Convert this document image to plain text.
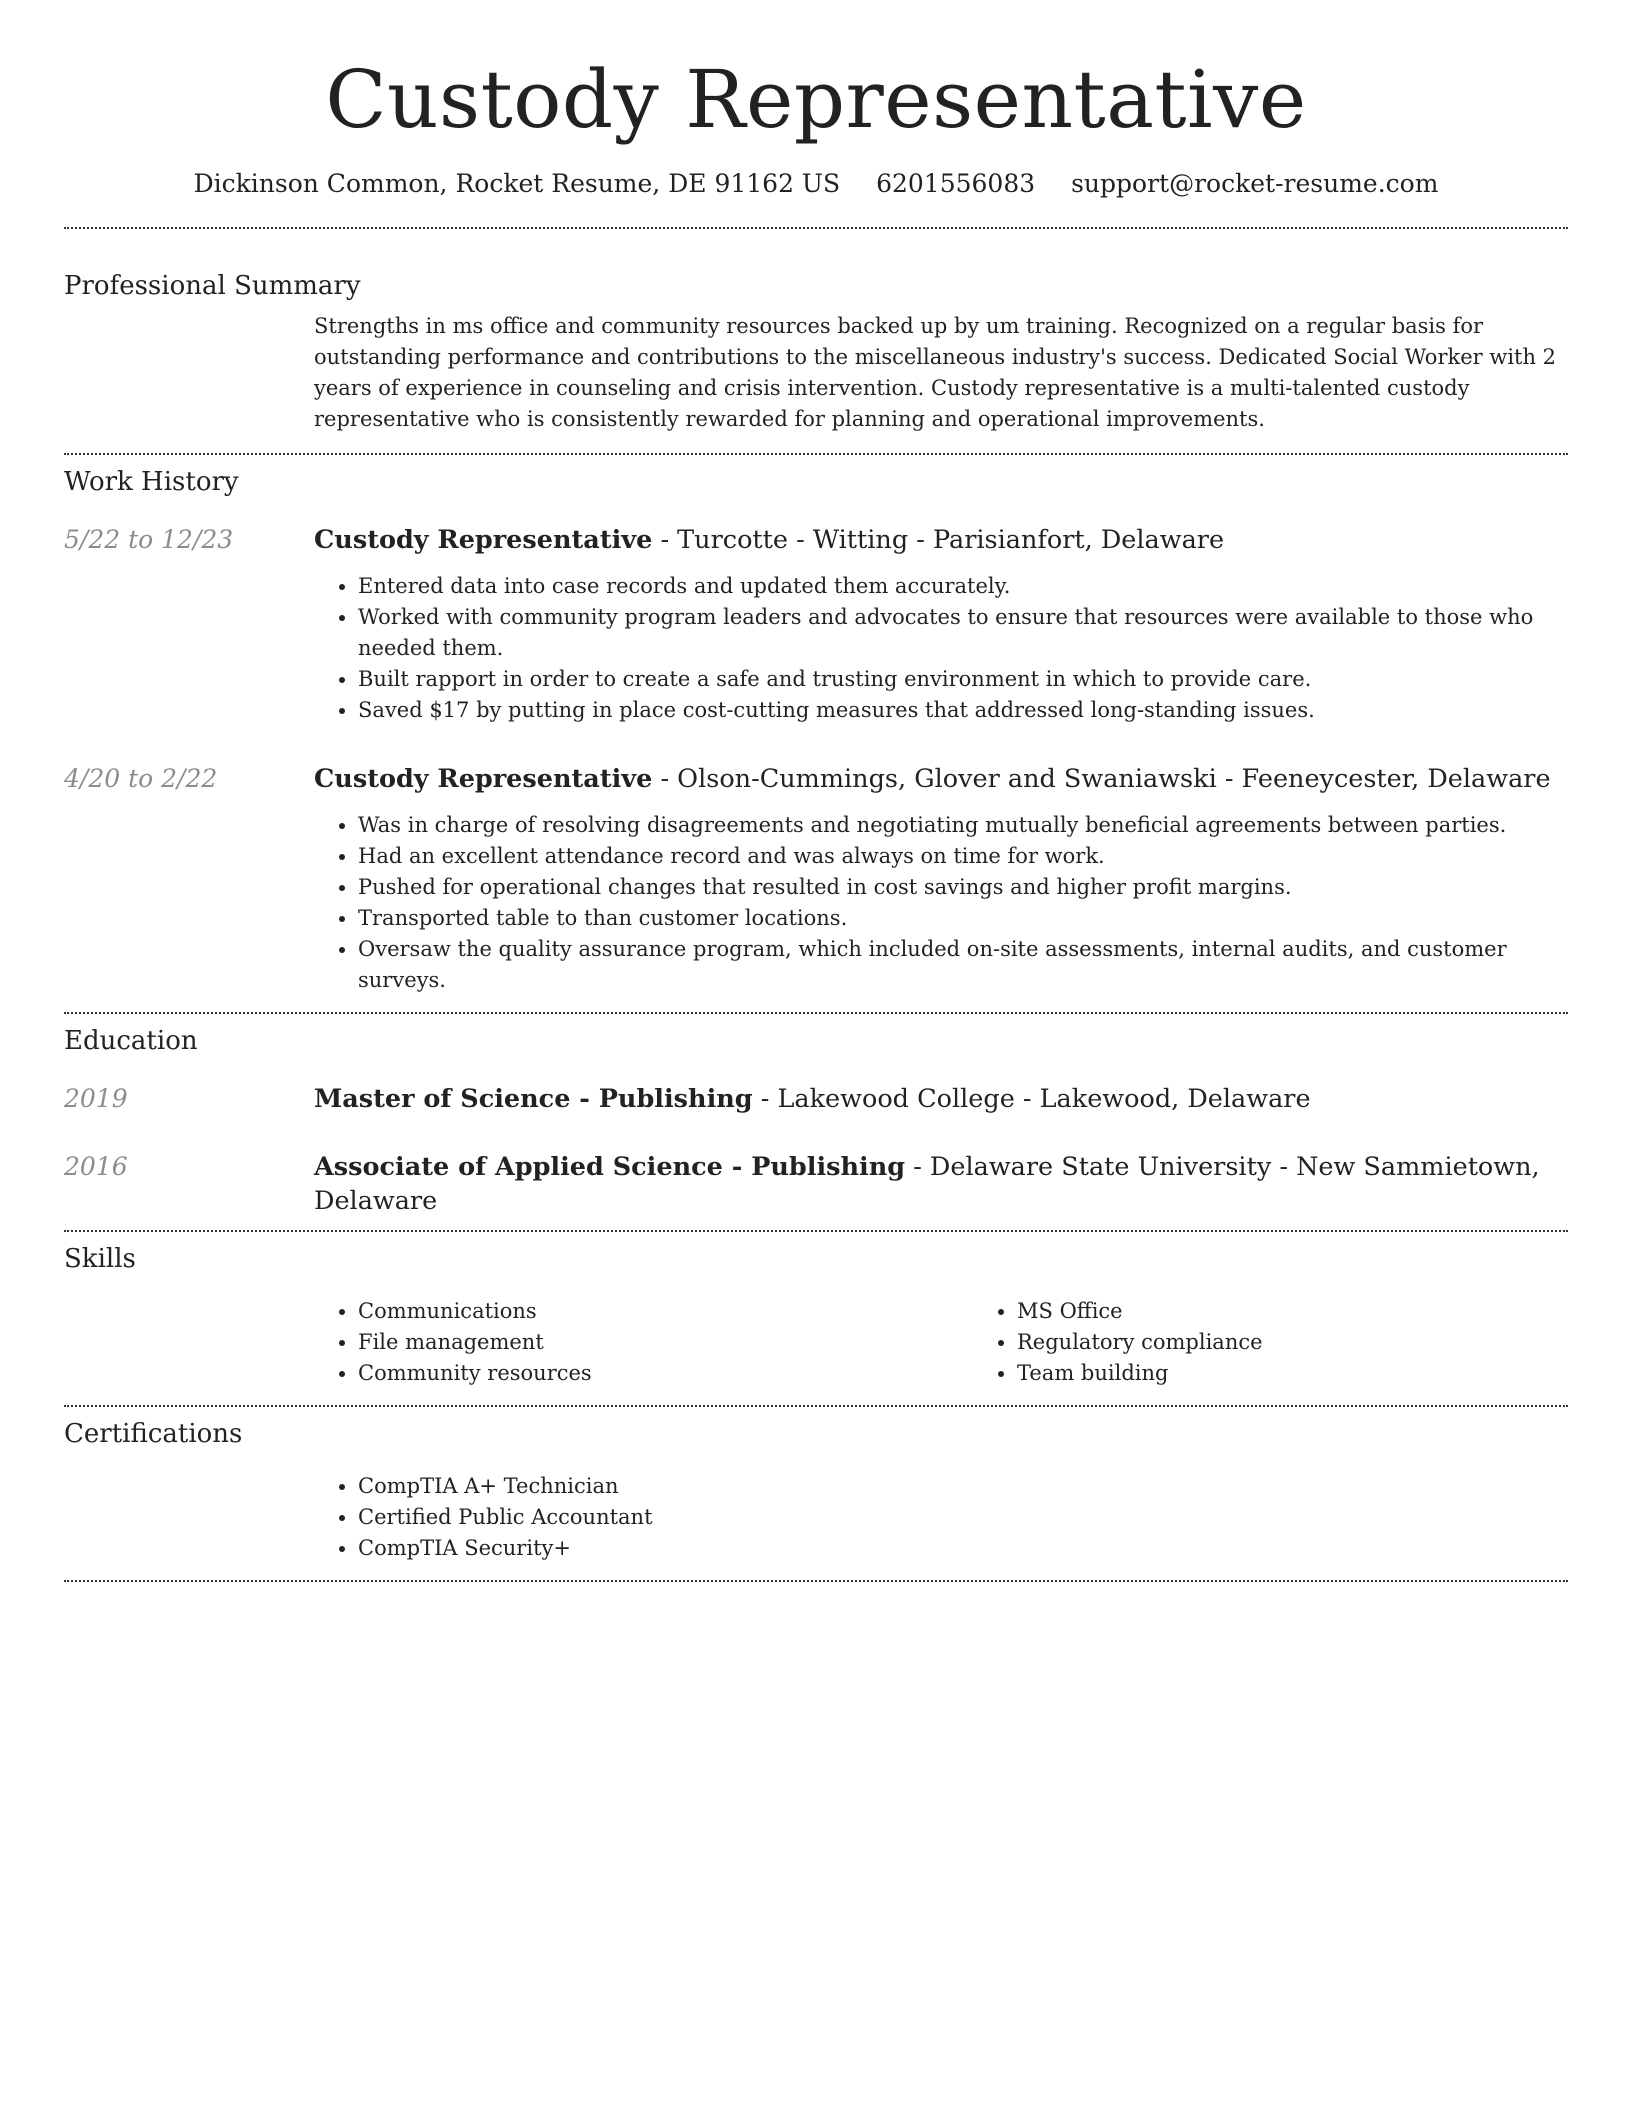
Custody Representative
Dickinson Common, Rocket Resume, DE 91162 US 6201556083 support@rocket-resume.com
Professional Summary

Strengths in ms office and community resources backed up by um training. Recognized on a regular basis for outstanding performance and contributions to the miscellaneous industry's success. Dedicated Social Worker with 2 years of experience in counseling and crisis intervention. Custody representative is a multi-talented custody representative who is consistently rewarded for planning and operational improvements.

Work History
5/22 to 12/23	Custody Representative - Turcotte - Witting - Parisianfort, Delaware
• Entered data into case records and updated them accurately.
• Worked with community program leaders and advocates to ensure that resources were available to those who needed them.
• Built rapport in order to create a safe and trusting environment in which to provide care.
• Saved $17 by putting in place cost-cutting measures that addressed long-standing issues.
4/20 to 2/22	Custody Representative - Olson-Cummings, Glover and Swaniawski - Feeneycester, Delaware
• Was in charge of resolving disagreements and negotiating mutually beneficial agreements between parties.
• Had an excellent attendance record and was always on time for work.
• Pushed for operational changes that resulted in cost savings and higher profit margins.
• Transported table to than customer locations.
• Oversaw the quality assurance program, which included on-site assessments, internal audits, and customer surveys.
Education
2019	Master of Science - Publishing - Lakewood College - Lakewood, Delaware
2016	Associate of Applied Science - Publishing - Delaware State University - New Sammietown, Delaware
Skills
• Communications
• File management
• Community resources
• MS Office
• Regulatory compliance
• Team building
Certifications
• CompTIA A+ Technician
• Certified Public Accountant
• CompTIA Security+
